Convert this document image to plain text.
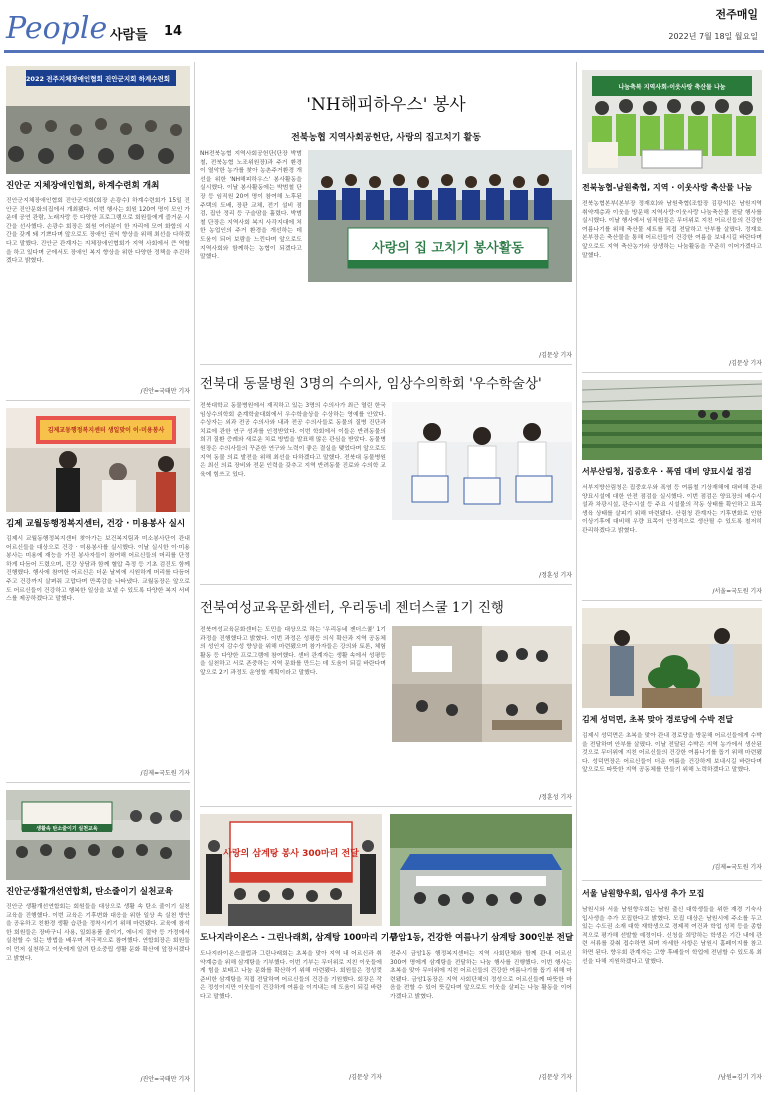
People 사람들 14
전주매일
2022년 7월 18일 월요일
2022 전주지체장애인협회 진안군지회 하계수련회
진안군 지체장애인협회, 하계수련회 개최
진안군지체장애인협회 진안군지회(회장 손광수) 하계수련회가 15일 진안군 진안문화의집에서 개최됐다. 이번 행사는 회원 120여 명이 모인 가운데 공연 관람, 노래자랑 등 다양한 프로그램으로 회원들에게 즐거운 시간을 선사했다. 손광수 회장은 회원 여러분이 한 자리에 모여 화합의 시간을 갖게 돼 기쁘다며 앞으로도 장애인 권익 향상을 위해 최선을 다하겠다고 말했다. 진안군 관계자는 지체장애인협회가 지역 사회에서 큰 역할을 하고 있다며 군에서도 장애인 복지 향상을 위한 다양한 정책을 추진하겠다고 밝혔다.
/진안=국태만 기자
김제교동행정복지센터 생일맞이 이·미용봉사
김제 교월동행정복지센터, 건강 · 미용봉사 실시
김제시 교월동행정복지센터 찾아가는 보건복지팀과 미소봉사단이 관내 어르신들을 대상으로 건강 · 미용봉사를 실시했다. 이날 실시한 이·미용봉사는 미용에 재능을 가진 봉사자들이 참여해 어르신들의 머리를 단정하게 다듬어 드렸으며, 건강 상담과 함께 혈압 측정 등 기초 검진도 함께 진행했다. 행사에 참여한 어르신은 더운 날씨에 시원하게 머리를 다듬어 주고 건강까지 살펴줘 고맙다며 만족감을 나타냈다. 교월동장은 앞으로도 어르신들이 건강하고 행복한 일상을 보낼 수 있도록 다양한 복지 서비스를 제공하겠다고 말했다.
/김제=국도원 기자
생활속 탄소줄이기 실천교육
진안군생활개선연합회, 탄소줄이기 실천교육
진안군 생활개선연합회는 회원들을 대상으로 생활 속 탄소 줄이기 실천교육을 진행했다. 이번 교육은 기후변화 대응을 위한 일상 속 실천 방안을 공유하고 친환경 생활 습관을 정착시키기 위해 마련됐다. 교육에 참석한 회원들은 장바구니 사용, 일회용품 줄이기, 에너지 절약 등 가정에서 실천할 수 있는 방법을 배우며 적극적으로 참여했다. 연합회장은 회원들이 먼저 실천하고 이웃에게 알려 탄소중립 생활 문화 확산에 앞장서겠다고 밝혔다.
/진안=국태만 기자
'NH해피하우스' 봉사
전북농협 지역사회공헌단, 사랑의 집고치기 활동
NH전북농협 지역사회공헌단(단장 박범철, 전북농협 노조위원장)과 주거 환경이 열악한 농가를 찾아 농촌주거환경 개선을 위한 'NH해피하우스' 봉사활동을 실시했다. 이날 봉사활동에는 박범철 단장 등 임직원 20여 명이 참여해 노후된 주택의 도배, 장판 교체, 전기 설비 점검, 집안 정리 등 구슬땀을 흘렸다. 박범철 단장은 지역사회 복지 사각지대에 처한 농업인의 주거 환경을 개선하는 데 도움이 되어 보람을 느낀다며 앞으로도 지역사회와 함께하는 농협이 되겠다고 말했다.
사랑의 집 고치기 봉사활동
/김문상 기자
전북대 동물병원 3명의 수의사, 임상수의학회 '우수학술상'
전북대학교 동물병원에서 재직하고 있는 3명의 수의사가 최근 열린 한국임상수의학회 춘계학술대회에서 우수학술상을 수상하는 영예를 안았다. 수상자는 외과 전공 수의사와 내과 전공 수의사들로 동물의 질병 진단과 치료에 관한 연구 성과를 인정받았다. 이번 학회에서 이들은 반려동물의 희귀 질환 증례와 새로운 치료 방법을 발표해 많은 관심을 받았다. 동물병원장은 수의사들의 꾸준한 연구와 노력이 좋은 결실을 맺었다며 앞으로도 지역 동물 의료 발전을 위해 최선을 다하겠다고 말했다. 전북대 동물병원은 최신 의료 장비와 전문 인력을 갖추고 지역 반려동물 진료와 수의학 교육에 힘쓰고 있다.
/정훈성 기자
전북여성교육문화센터, 우리동네 젠더스쿨 1기 진행
전북여성교육문화센터는 도민을 대상으로 하는 '우리동네 젠더스쿨' 1기 과정을 진행했다고 밝혔다. 이번 과정은 성평등 의식 확산과 지역 공동체의 성인지 감수성 향상을 위해 마련됐으며 참가자들은 강의와 토론, 체험 활동 등 다양한 프로그램에 참여했다. 센터 관계자는 생활 속에서 성평등을 실천하고 서로 존중하는 지역 문화를 만드는 데 도움이 되길 바란다며 앞으로 2기 과정도 운영할 계획이라고 말했다.
/정훈성 기자
사랑의 삼계탕 봉사 300마리 전달
도나지라이온스 - 그린나래회, 삼계탕 100마리 기부
도나지라이온스클럽과 그린나래회는 초복을 맞아 지역 내 어르신과 취약계층을 위해 삼계탕을 기부했다. 이번 기부는 무더위로 지친 이웃들에게 힘을 보태고 나눔 문화를 확산하기 위해 마련됐다. 회원들은 정성껏 준비한 삼계탕을 직접 전달하며 어르신들의 건강을 기원했다. 회장은 작은 정성이지만 이웃들이 건강하게 여름을 이겨내는 데 도움이 되길 바란다고 말했다.
/김문상 기자
금암1동, 건강한 여름나기 삼계탕 300인분 전달
전주시 금암1동 행정복지센터는 지역 사회단체와 함께 관내 어르신 300여 명에게 삼계탕을 전달하는 나눔 행사를 진행했다. 이번 행사는 초복을 맞아 무더위에 지친 어르신들의 건강한 여름나기를 돕기 위해 마련됐다. 금암1동장은 지역 사회단체의 정성으로 어르신들께 따뜻한 마음을 전할 수 있어 뜻깊다며 앞으로도 이웃을 살피는 나눔 활동을 이어가겠다고 밝혔다.
/김문상 기자
나눔축복 지역사회·이웃사랑 축산물 나눔
전북농협-남원축협, 지역 · 이웃사랑 축산물 나눔
전북농협본부(본부장 정재호)와 남원축협(조합장 김광석)은 남원지역 취약계층과 이웃을 방문해 지역사랑·이웃사랑 나눔축산물 전달 행사를 실시했다. 이날 행사에서 임직원들은 무더위로 지친 어르신들의 건강한 여름나기를 위해 축산물 세트를 직접 전달하고 안부를 살폈다. 정재호 본부장은 축산물을 통해 어르신들이 건강한 여름을 보내시길 바란다며 앞으로도 지역 축산농가와 상생하는 나눔활동을 꾸준히 이어가겠다고 말했다.
/김문상 기자
서부산림청, 집중호우 · 폭염 대비 양묘시설 점검
서부지방산림청은 집중호우와 폭염 등 여름철 기상재해에 대비해 관내 양묘시설에 대한 안전 점검을 실시했다. 이번 점검은 양묘장의 배수시설과 차광시설, 관수시설 등 주요 시설물의 작동 상태를 확인하고 묘목 생육 상태를 살피기 위해 마련됐다. 산림청 관계자는 기후변화로 인한 이상기후에 대비해 우량 묘목이 안정적으로 생산될 수 있도록 철저히 관리하겠다고 밝혔다.
/서울=국도원 기자
김제 성덕면, 초복 맞아 경로당에 수박 전달
김제시 성덕면은 초복을 맞아 관내 경로당을 방문해 어르신들에게 수박을 전달하며 안부를 살폈다. 이날 전달된 수박은 지역 농가에서 생산된 것으로 무더위에 지친 어르신들의 건강한 여름나기를 돕기 위해 마련됐다. 성덕면장은 어르신들이 더운 여름을 건강하게 보내시길 바란다며 앞으로도 따뜻한 지역 공동체를 만들기 위해 노력하겠다고 말했다.
/김제=국도원 기자
서울 남원향우회, 임사생 추가 모집
남원시와 서울 남원향우회는 남원 출신 대학생들을 위한 재경 기숙사 입사생을 추가 모집한다고 밝혔다. 모집 대상은 남원시에 주소를 두고 있는 수도권 소재 대학 재학생으로 경제적 여건과 학업 성적 등을 종합적으로 평가해 선발할 예정이다. 신청을 희망하는 학생은 기간 내에 관련 서류를 갖춰 접수하면 되며 자세한 사항은 남원시 홈페이지를 참고하면 된다. 향우회 관계자는 고향 후배들이 학업에 전념할 수 있도록 최선을 다해 지원하겠다고 말했다.
/남원=김기 기자
